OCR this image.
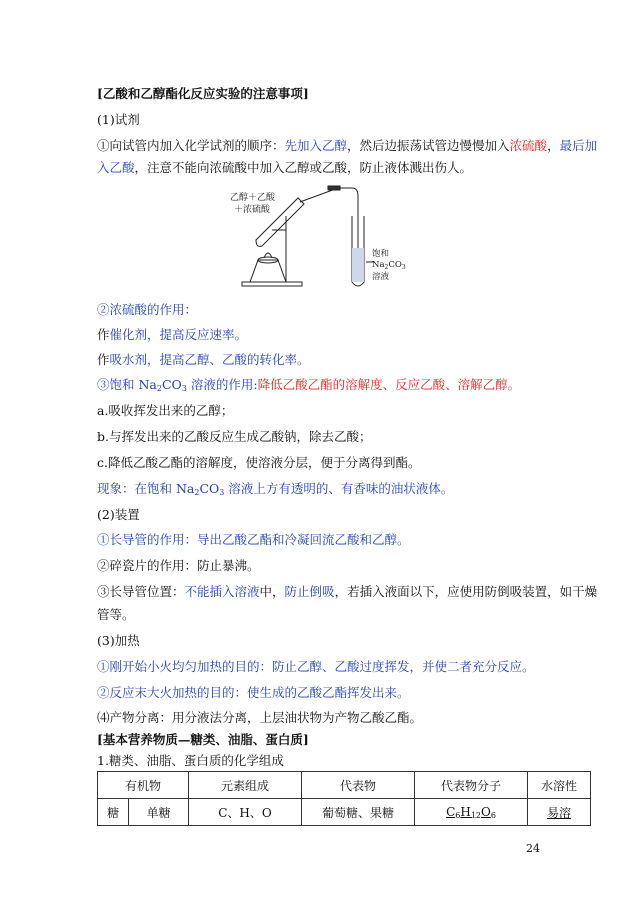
[乙酸和乙醇酯化反应实验的注意事项]
(1)试剂
①向试管内加入化学试剂的顺序：先加入乙醇，然后边振荡试管边慢慢加入浓硫酸，最后加
入乙酸，注意不能向浓硫酸中加入乙醇或乙酸，防止液体溅出伤人。
乙醇＋乙酸
＋浓硫酸
饱和
$Na_2CO_3$
溶液
②浓硫酸的作用：
作催化剂，提高反应速率。
作吸水剂，提高乙醇、乙酸的转化率。
③饱和 $Na_2CO_3$ 溶液的作用:降低乙酸乙酯的溶解度、反应乙酸、溶解乙醇。
a.吸收挥发出来的乙醇；
b.与挥发出来的乙酸反应生成乙酸钠，除去乙酸；
c.降低乙酸乙酯的溶解度，使溶液分层，便于分离得到酯。
现象：在饱和 $Na_2CO_3$ 溶液上方有透明的、有香味的油状液体。
(2)装置
①长导管的作用：导出乙酸乙酯和冷凝回流乙酸和乙醇。
②碎瓷片的作用：防止暴沸。
③长导管位置：不能插入溶液中，防止倒吸，若插入液面以下，应使用防倒吸装置，如干燥
管等。
(3)加热
①刚开始小火均匀加热的目的：防止乙醇、乙酸过度挥发，并使二者充分反应。
②反应末大火加热的目的：使生成的乙酸乙酯挥发出来。
⑷产物分离：用分液法分离，上层油状物为产物乙酸乙酯。
[基本营养物质—糖类、油脂、蛋白质]
1.糖类、油脂、蛋白质的化学组成
有机物		元素组成	代表物	代表物分子	水溶性
糖	单糖	C、H、O	葡萄糖、果糖	$C_6H_{12}O_6$	易溶
24
